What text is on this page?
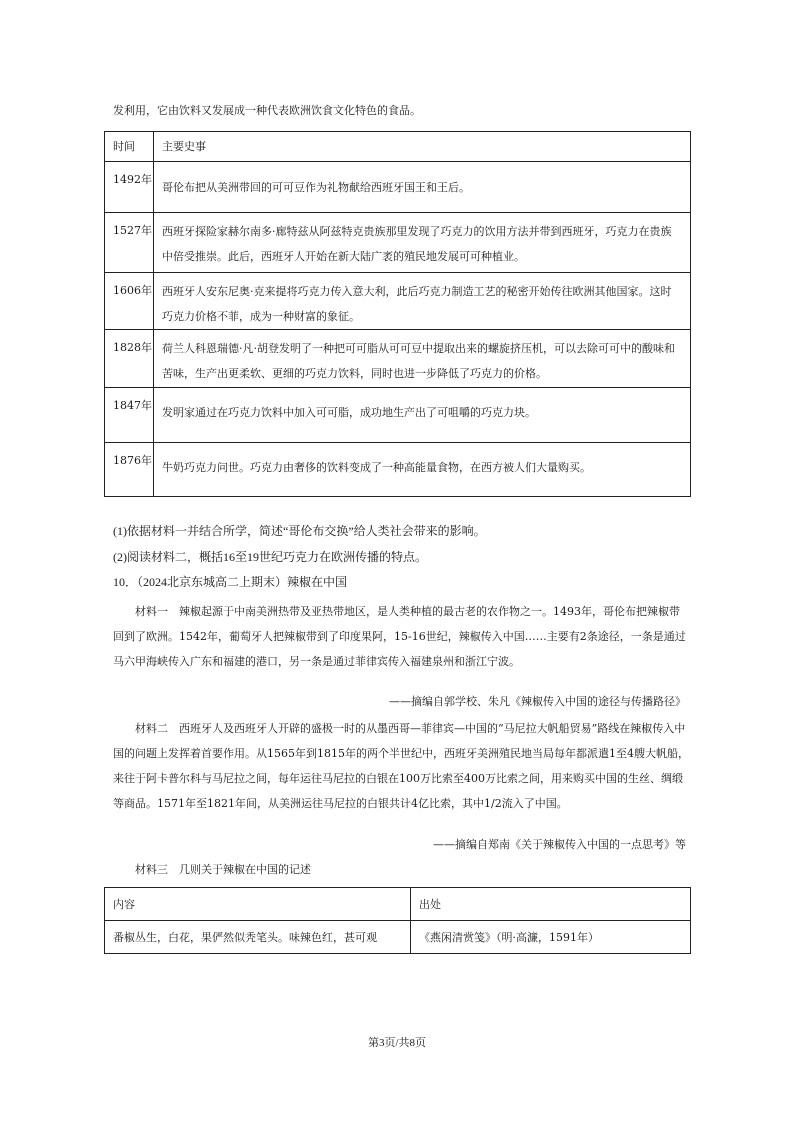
发利用，它由饮料又发展成一种代表欧洲饮食文化特色的食品。
时间	主要史事
1492年	哥伦布把从美洲带回的可可豆作为礼物献给西班牙国王和王后。
1527年	西班牙探险家赫尔南多·廊特兹从阿兹特克贵族那里发现了巧克力的饮用方法并带到西班牙，巧克力在贵族中倍受推崇。此后，西班牙人开始在新大陆广袤的殖民地发展可可种植业。
1606年	西班牙人安东尼奥·克来提将巧克力传入意大利，此后巧克力制造工艺的秘密开始传往欧洲其他国家。这时巧克力价格不菲，成为一种财富的象征。
1828年	荷兰人科恩瑞德·凡·胡登发明了一种把可可脂从可可豆中提取出来的螺旋挤压机，可以去除可可中的酸味和苦味，生产出更柔软、更细的巧克力饮料，同时也进一步降低了巧克力的价格。
1847年	发明家通过在巧克力饮料中加入可可脂，成功地生产出了可咀嚼的巧克力块。
1876年	牛奶巧克力问世。巧克力由奢侈的饮料变成了一种高能量食物，在西方被人们大量购买。
(1)依据材料一并结合所学，简述“哥伦布交换”给人类社会带来的影响。
(2)阅读材料二，概括16至19世纪巧克力在欧洲传播的特点。
10．（2024北京东城高二上期末）辣椒在中国
材料一　辣椒起源于中南美洲热带及亚热带地区，是人类种植的最古老的农作物之一。1493年，哥伦布把辣椒带回到了欧洲。1542年，葡萄牙人把辣椒带到了印度果阿，15-16世纪，辣椒传入中国……主要有2条途径，一条是通过马六甲海峡传入广东和福建的港口，另一条是通过菲律宾传入福建泉州和浙江宁波。
——摘编自郭学校、朱凡《辣椒传入中国的途径与传播路径》
材料二　西班牙人及西班牙人开辟的盛极一时的从墨西哥—菲律宾—中国的“马尼拉大帆船贸易”路线在辣椒传入中国的问题上发挥着首要作用。从1565年到1815年的两个半世纪中，西班牙美洲殖民地当局每年都派遣1至4艘大帆船，来往于阿卡普尔科与马尼拉之间，每年运往马尼拉的白银在100万比索至400万比索之间，用来购买中国的生丝、绸缎等商品。1571年至1821年间，从美洲运往马尼拉的白银共计4亿比索，其中1/2流入了中国。
——摘编自郑南《关于辣椒传入中国的一点思考》等
材料三　几则关于辣椒在中国的记述
内容	出处
番椒丛生，白花，果俨然似秃笔头。味辣色红，甚可观	《燕闲清赏笺》（明·高濂，1591年）
第3页/共8页
